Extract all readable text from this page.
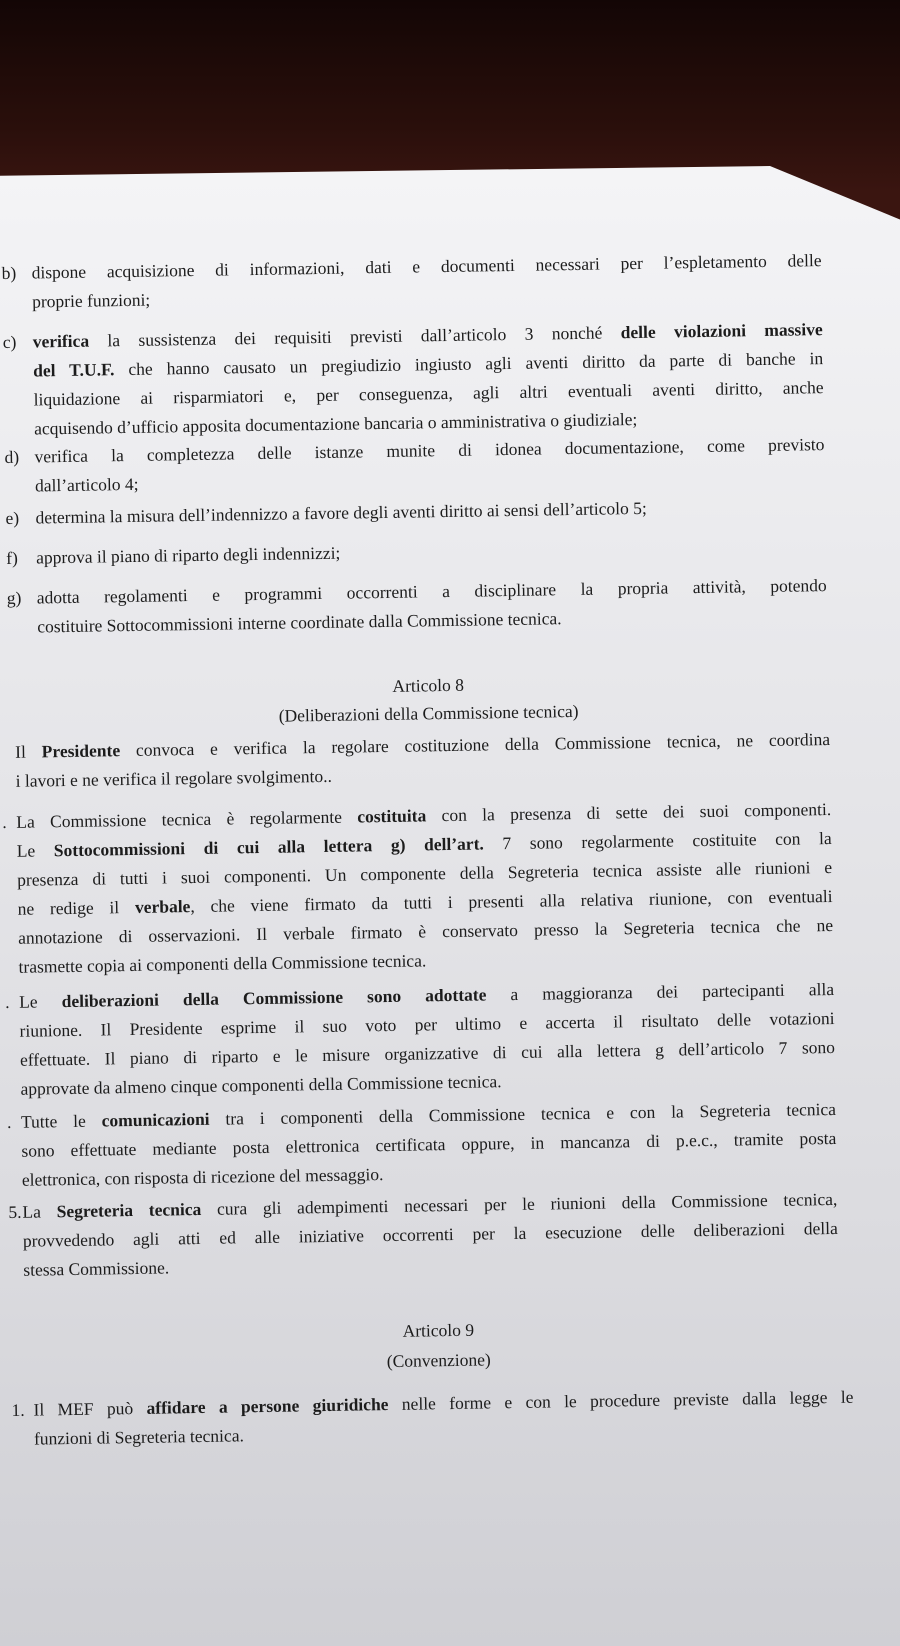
b) dispone acquisizione di informazioni, dati e documenti necessari per l’espletamento delle
proprie funzioni;
c) verifica la sussistenza dei requisiti previsti dall’articolo 3 nonché delle violazioni massive
del T.U.F. che hanno causato un pregiudizio ingiusto agli aventi diritto da parte di banche in
liquidazione ai risparmiatori e, per conseguenza, agli altri eventuali aventi diritto, anche
acquisendo d’ufficio apposita documentazione bancaria o amministrativa o giudiziale;
d) verifica la completezza delle istanze munite di idonea documentazione, come previsto
dall’articolo 4;
e) determina la misura dell’indennizzo a favore degli aventi diritto ai sensi dell’articolo 5;
f) approva il piano di riparto degli indennizzi;
g) adotta regolamenti e programmi occorrenti a disciplinare la propria attività, potendo
costituire Sottocommissioni interne coordinate dalla Commissione tecnica.
Articolo 8
(Deliberazioni della Commissione tecnica)
Il Presidente convoca e verifica la regolare costituzione della Commissione tecnica, ne coordina
i lavori e ne verifica il regolare svolgimento..
. La Commissione tecnica è regolarmente costituita con la presenza di sette dei suoi componenti.
Le Sottocommissioni di cui alla lettera g) dell’art. 7 sono regolarmente costituite con la
presenza di tutti i suoi componenti. Un componente della Segreteria tecnica assiste alle riunioni e
ne redige il verbale, che viene firmato da tutti i presenti alla relativa riunione, con eventuali
annotazione di osservazioni. Il verbale firmato è conservato presso la Segreteria tecnica che ne
trasmette copia ai componenti della Commissione tecnica.
. Le deliberazioni della Commissione sono adottate a maggioranza dei partecipanti alla
riunione. Il Presidente esprime il suo voto per ultimo e accerta il risultato delle votazioni
effettuate. Il piano di riparto e le misure organizzative di cui alla lettera g dell’articolo 7 sono
approvate da almeno cinque componenti della Commissione tecnica.
. Tutte le comunicazioni tra i componenti della Commissione tecnica e con la Segreteria tecnica
sono effettuate mediante posta elettronica certificata oppure, in mancanza di p.e.c., tramite posta
elettronica, con risposta di ricezione del messaggio.
5. La Segreteria tecnica cura gli adempimenti necessari per le riunioni della Commissione tecnica,
provvedendo agli atti ed alle iniziative occorrenti per la esecuzione delle deliberazioni della
stessa Commissione.
Articolo 9
(Convenzione)
1. Il MEF può affidare a persone giuridiche nelle forme e con le procedure previste dalla legge le
funzioni di Segreteria tecnica.
